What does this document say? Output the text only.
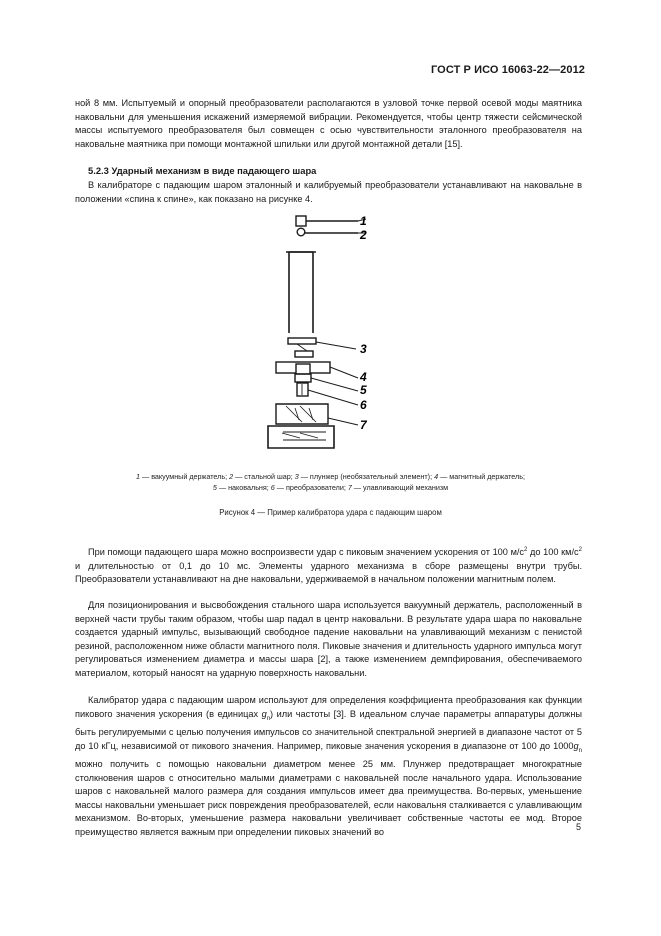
ГОСТ Р ИСО 16063-22—2012

ной 8 мм. Испытуемый и опорный преобразователи располагаются в узловой точке первой осевой моды маятника наковальни для уменьшения искажений измеряемой вибрации. Рекомендуется, чтобы центр тяжести сейсмической массы испытуемого преобразователя был совмещен с осью чувствительности эталонного преобразователя на наковальне маятника при помощи монтажной шпильки или другой монтажной детали [15].

5.2.3 Ударный механизм в виде падающего шара

В калибраторе с падающим шаром эталонный и калибруемый преобразователи устанавливают на наковальне в положении «спина к спине», как показано на рисунке 4.

1
2
3
4
5
6
7

1 — вакуумный держатель; 2 — стальной шар; 3 — плунжер (необязательный элемент); 4 — магнитный держатель;
5 — наковальня; 6 — преобразователи; 7 — улавливающий механизм

Рисунок 4 — Пример калибратора удара с падающим шаром

При помощи падающего шара можно воспроизвести удар с пиковым значением ускорения от 100 $м/с^2$ до 100 $км/с^2$ и длительностью от 0,1 до 10 мс. Элементы ударного механизма в сборе размещены внутри трубы. Преобразователи устанавливают на дне наковальни, удерживаемой в начальном положении магнитным полем.

Для позиционирования и высвобождения стального шара используется вакуумный держатель, расположенный в верхней части трубы таким образом, чтобы шар падал в центр наковальни. В результате удара шара по наковальне создается ударный импульс, вызывающий свободное падение наковальни на улавливающий механизм с пенистой резиной, расположенном ниже области магнитного поля. Пиковые значения и длительность ударного импульса могут регулироваться изменением диаметра и массы шара [2], а также изменением демпфирования, обеспечиваемого материалом, который наносят на ударную поверхность наковальни.

Калибратор удара с падающим шаром используют для определения коэффициента преобразования как функции пикового значения ускорения (в единицах $g_n$) или частоты [3]. В идеальном случае параметры аппаратуры должны быть регулируемыми с целью получения импульсов со значительной спектральной энергией в диапазоне частот от 5 до 10 кГц, независимой от пикового значения. Например, пиковые значения ускорения в диапазоне от 100 до $1000g_n$ можно получить с помощью наковальни диаметром менее 25 мм. Плунжер предотвращает многократные столкновения шаров с относительно малыми диаметрами с наковальней после начального удара. Использование шаров с наковальней малого размера для создания импульсов имеет два преимущества. Во-первых, уменьшение массы наковальни уменьшает риск повреждения преобразователей, если наковальня сталкивается с улавливающим механизмом. Во-вторых, уменьшение размера наковальни увеличивает собственные частоты ее мод. Второе преимущество является важным при определении пиковых значений во	5
